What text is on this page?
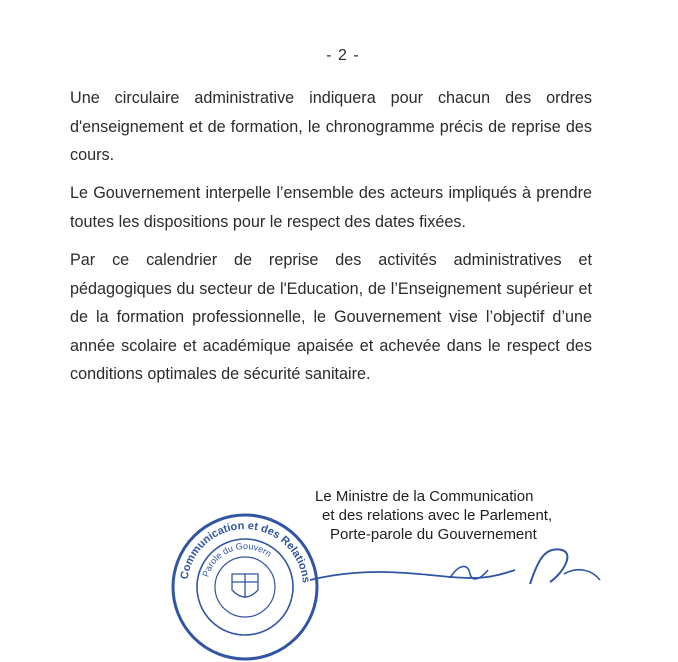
- 2 -

Une circulaire administrative indiquera pour chacun des ordres d'enseignement et de formation, le chronogramme précis de reprise des cours.

Le Gouvernement interpelle l’ensemble des acteurs impliqués à prendre toutes les dispositions pour le respect des dates fixées.

Par ce calendrier de reprise des activités administratives et pédagogiques du secteur de l'Education, de l’Enseignement supérieur et de la formation professionnelle, le Gouvernement vise l’objectif d’une année scolaire et académique apaisée et achevée dans le respect des conditions optimales de sécurité sanitaire.

Communication et des Relations
Parole du Gouvern
Le Ministre de la Communication
et des relations avec le Parlement,
Porte-parole du Gouvernement
